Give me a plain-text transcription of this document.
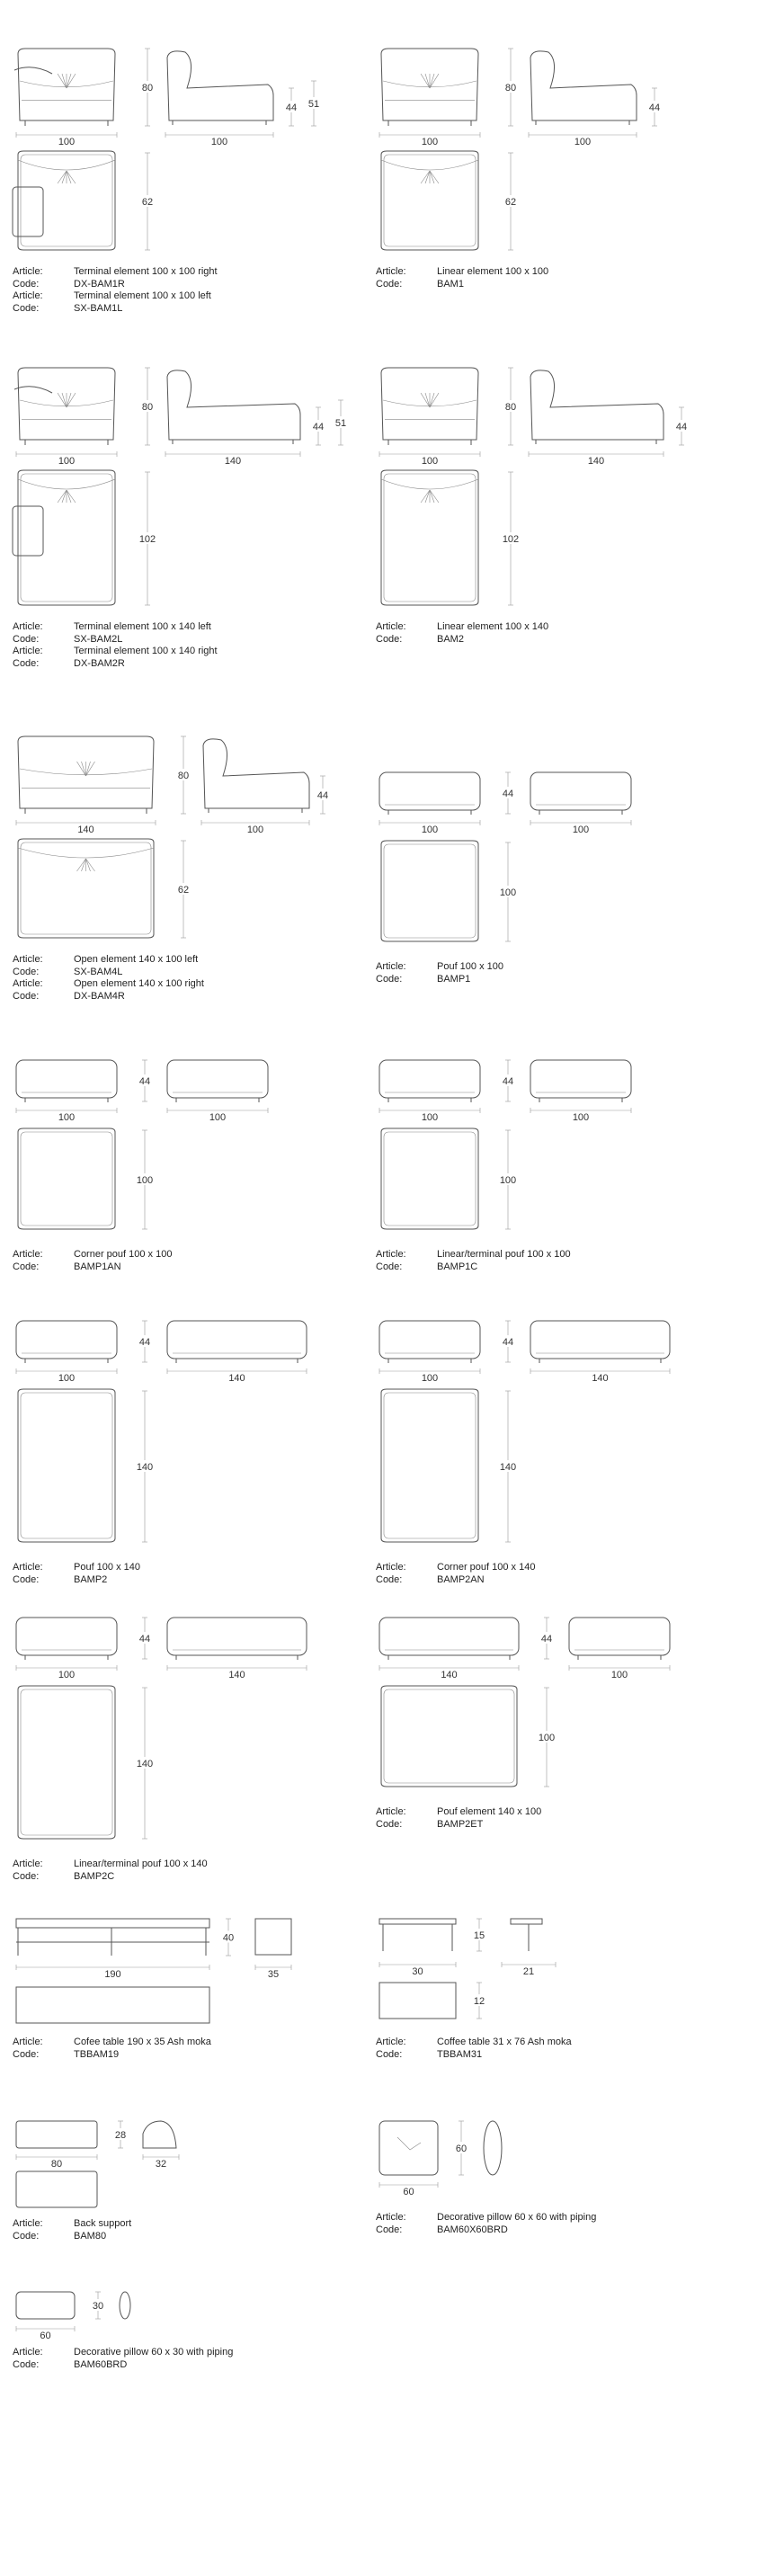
100
80
100
44 51
62
Article:	Terminal element 100 x 100 right
Code:	DX-BAM1R
Article:	Terminal element 100 x 100 left
Code:	SX-BAM1L
100
80
100
44
62
Article:	Linear element 100 x 100
Code:	BAM1
100
80
140
44 51
102
Article:	Terminal element 100 x 140 left
Code:	SX-BAM2L
Article:	Terminal element 100 x 140 right
Code:	DX-BAM2R
100
80
140
44
102
Article:	Linear element 100 x 140
Code:	BAM2
140
80
100
44
62
Article:	Open element 140 x 100 left
Code:	SX-BAM4L
Article:	Open element 140 x 100 right
Code:	DX-BAM4R
100
44
100
100
Article:	Pouf 100 x 100
Code:	BAMP1
100
44
100
100
Article:	Corner pouf 100 x 100
Code:	BAMP1AN
100
44
100
100
Article:	Linear/terminal pouf 100 x 100
Code:	BAMP1C
100
44
140
140
Article:	Pouf 100 x 140
Code:	BAMP2
100
44
140
140
Article:	Corner pouf 100 x 140
Code:	BAMP2AN
100
44
140
140
Article:	Linear/terminal pouf 100 x 140
Code:	BAMP2C
140
44
100
100
Article:	Pouf element 140 x 100
Code:	BAMP2ET
190
40
35
Article:	Cofee table 190 x 35 Ash moka
Code:	TBBAM19
30
15
21
12
Article:	Coffee table 31 x 76 Ash moka
Code:	TBBAM31
80
28
32
Article:	Back support
Code:	BAM80
60
60
Article:	Decorative pillow 60 x 60 with piping
Code:	BAM60X60BRD
60
30
Article:	Decorative pillow 60 x 30 with piping
Code:	BAM60BRD
